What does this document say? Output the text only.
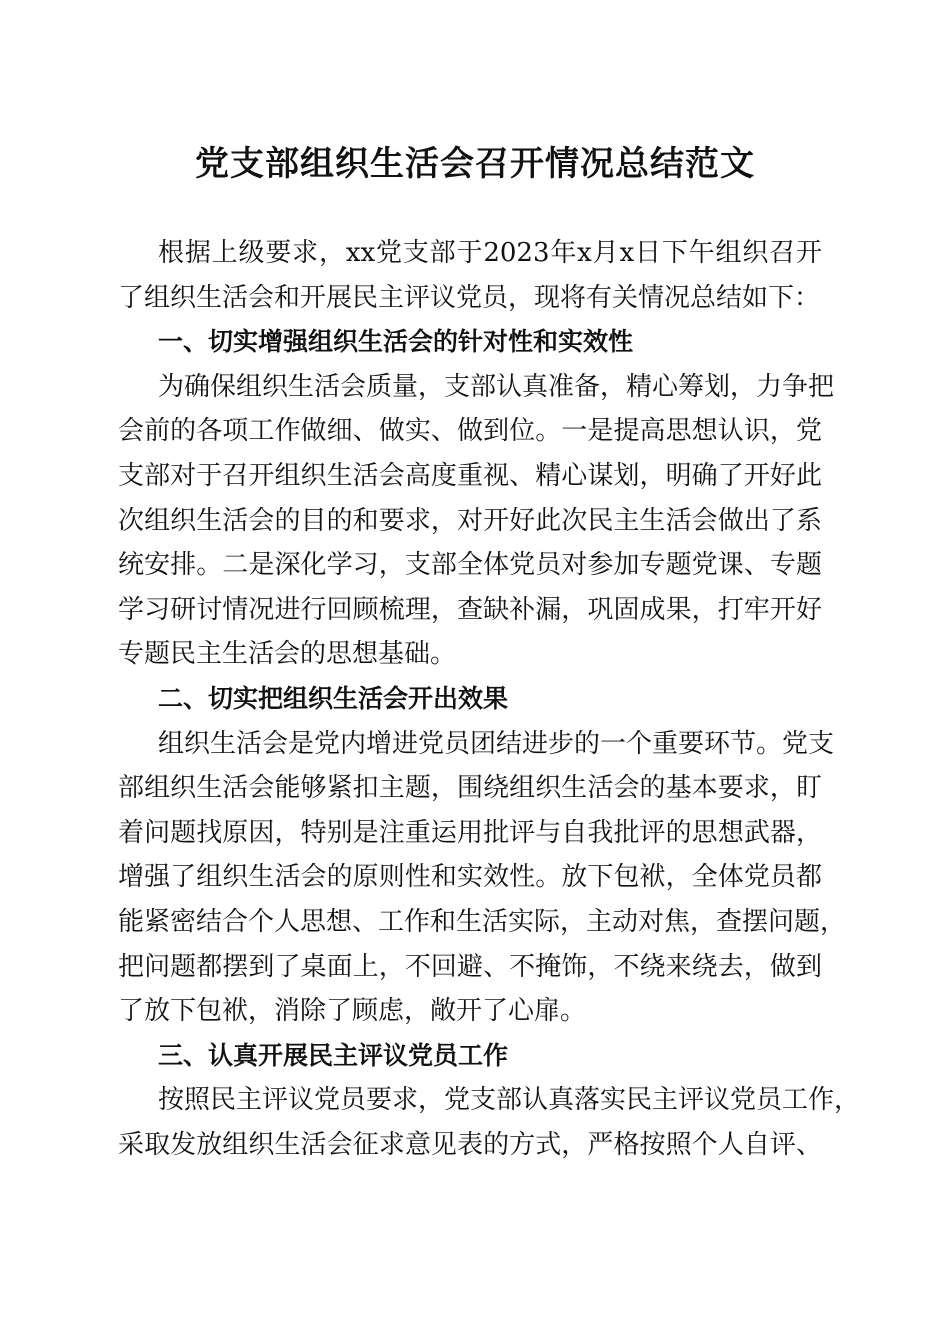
党支部组织生活会召开情况总结范文
根据上级要求，xx党支部于2023年x月x日下午组织召开
了组织生活会和开展民主评议党员，现将有关情况总结如下：
一、切实增强组织生活会的针对性和实效性
为确保组织生活会质量，支部认真准备，精心筹划，力争把
会前的各项工作做细、做实、做到位。一是提高思想认识，党
支部对于召开组织生活会高度重视、精心谋划，明确了开好此
次组织生活会的目的和要求，对开好此次民主生活会做出了系
统安排。二是深化学习，支部全体党员对参加专题党课、专题
学习研讨情况进行回顾梳理，查缺补漏，巩固成果，打牢开好
专题民主生活会的思想基础。
二、切实把组织生活会开出效果
组织生活会是党内增进党员团结进步的一个重要环节。党支
部组织生活会能够紧扣主题，围绕组织生活会的基本要求，盯
着问题找原因，特别是注重运用批评与自我批评的思想武器，
增强了组织生活会的原则性和实效性。放下包袱，全体党员都
能紧密结合个人思想、工作和生活实际，主动对焦，查摆问题，
把问题都摆到了桌面上，不回避、不掩饰，不绕来绕去，做到
了放下包袱，消除了顾虑，敞开了心扉。
三、认真开展民主评议党员工作
按照民主评议党员要求，党支部认真落实民主评议党员工作，
采取发放组织生活会征求意见表的方式，严格按照个人自评、
